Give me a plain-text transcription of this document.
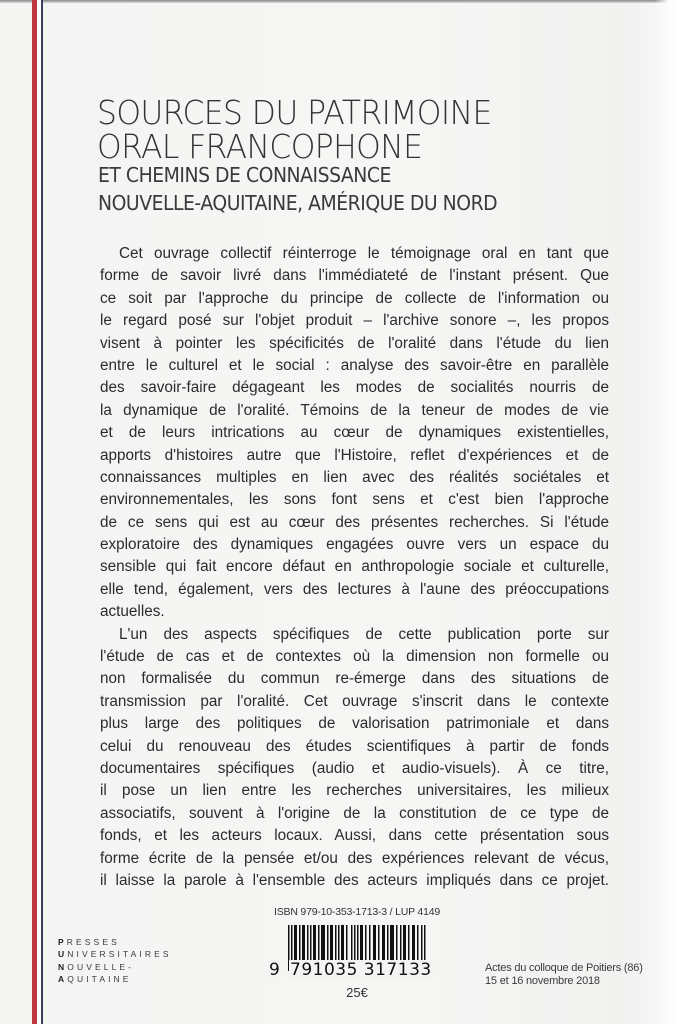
SOURCES DU PATRIMOINE
ORAL FRANCOPHONE
ET CHEMINS DE CONNAISSANCE
NOUVELLE-AQUITAINE, AMÉRIQUE DU NORD
Cet ouvrage collectif réinterroge le témoignage oral en tant que
forme de savoir livré dans l'immédiateté de l'instant présent. Que
ce soit par l'approche du principe de collecte de l'information ou
le regard posé sur l'objet produit – l'archive sonore –, les propos
visent à pointer les spécificités de l'oralité dans l'étude du lien
entre le culturel et le social : analyse des savoir-être en parallèle
des savoir-faire dégageant les modes de socialités nourris de
la dynamique de l'oralité. Témoins de la teneur de modes de vie
et de leurs intrications au cœur de dynamiques existentielles,
apports d'histoires autre que l'Histoire, reflet d'expériences et de
connaissances multiples en lien avec des réalités sociétales et
environnementales, les sons font sens et c'est bien l'approche
de ce sens qui est au cœur des présentes recherches. Si l'étude
exploratoire des dynamiques engagées ouvre vers un espace du
sensible qui fait encore défaut en anthropologie sociale et culturelle,
elle tend, également, vers des lectures à l'aune des préoccupations
actuelles.
L'un des aspects spécifiques de cette publication porte sur
l'étude de cas et de contextes où la dimension non formelle ou
non formalisée du commun re-émerge dans des situations de
transmission par l'oralité. Cet ouvrage s'inscrit dans le contexte
plus large des politiques de valorisation patrimoniale et dans
celui du renouveau des études scientifiques à partir de fonds
documentaires spécifiques (audio et audio-visuels). À ce titre,
il pose un lien entre les recherches universitaires, les milieux
associatifs, souvent à l'origine de la constitution de ce type de
fonds, et les acteurs locaux. Aussi, dans cette présentation sous
forme écrite de la pensée et/ou des expériences relevant de vécus,
il laisse la parole à l'ensemble des acteurs impliqués dans ce projet.
PRESSES
UNIVERSITAIRES
NOUVELLE-
AQUITAINE
ISBN 979-10-353-1713-3 / LUP 4149
9 791035 317133
25€
Actes du colloque de Poitiers (86)
15 et 16 novembre 2018
